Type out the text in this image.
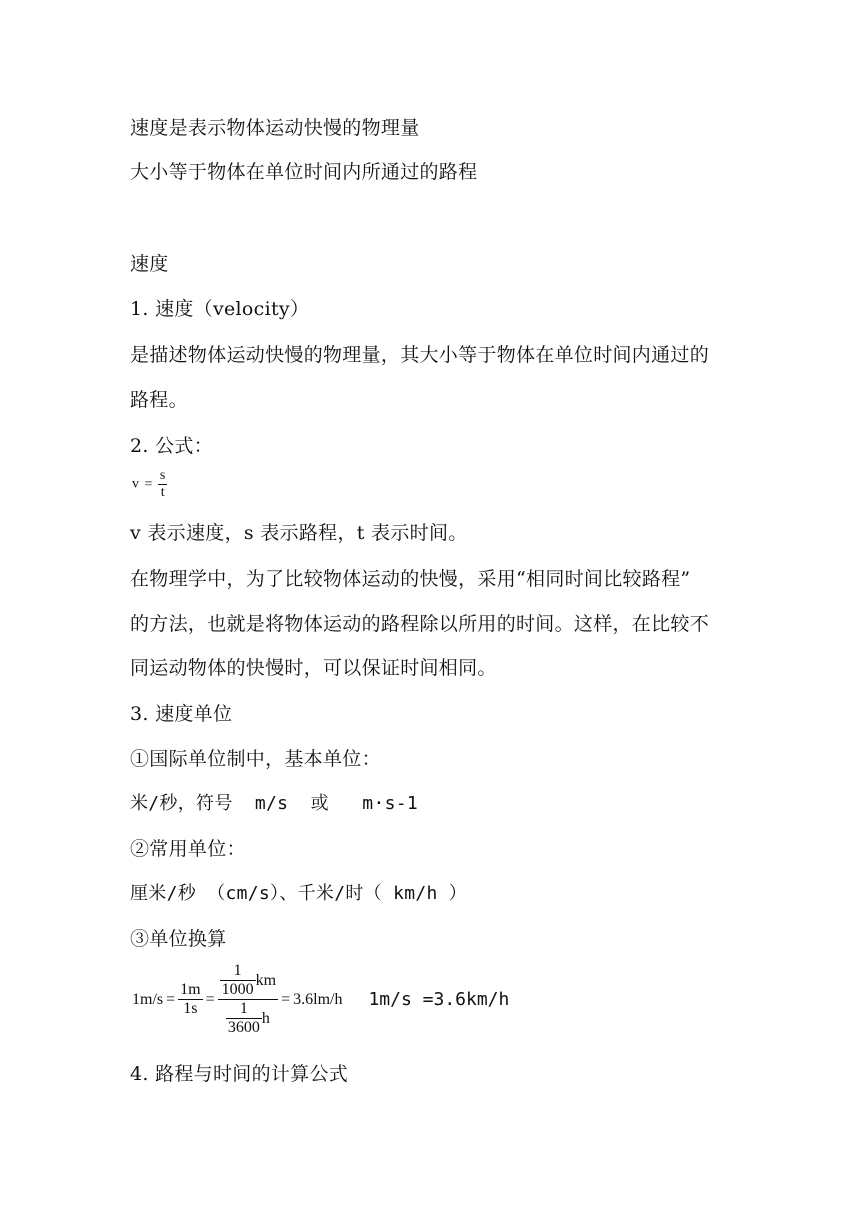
速度是表示物体运动快慢的物理量
大小等于物体在单位时间内所通过的路程
速度
1. 速度（velocity）
是描述物体运动快慢的物理量，其大小等于物体在单位时间内通过的
路程。
2. 公式：
$v = \frac{s}{t}$
v 表示速度，s 表示路程，t 表示时间。
在物理学中，为了比较物体运动的快慢，采用“相同时间比较路程”
的方法，也就是将物体运动的路程除以所用的时间。这样，在比较不
同运动物体的快慢时，可以保证时间相同。
3. 速度单位
①国际单位制中，基本单位：
米/秒，符号  m/s  或   m·s-1
②常用单位：
厘米/秒 （cm/s）、千米/时（ km/h ）
③单位换算
$1m/s = \frac{1m}{1s} = \frac{\frac{1}{1000} km}{\frac{1}{3600} h} = 3.6lm/h$ 1m/s =3.6km/h
4. 路程与时间的计算公式
